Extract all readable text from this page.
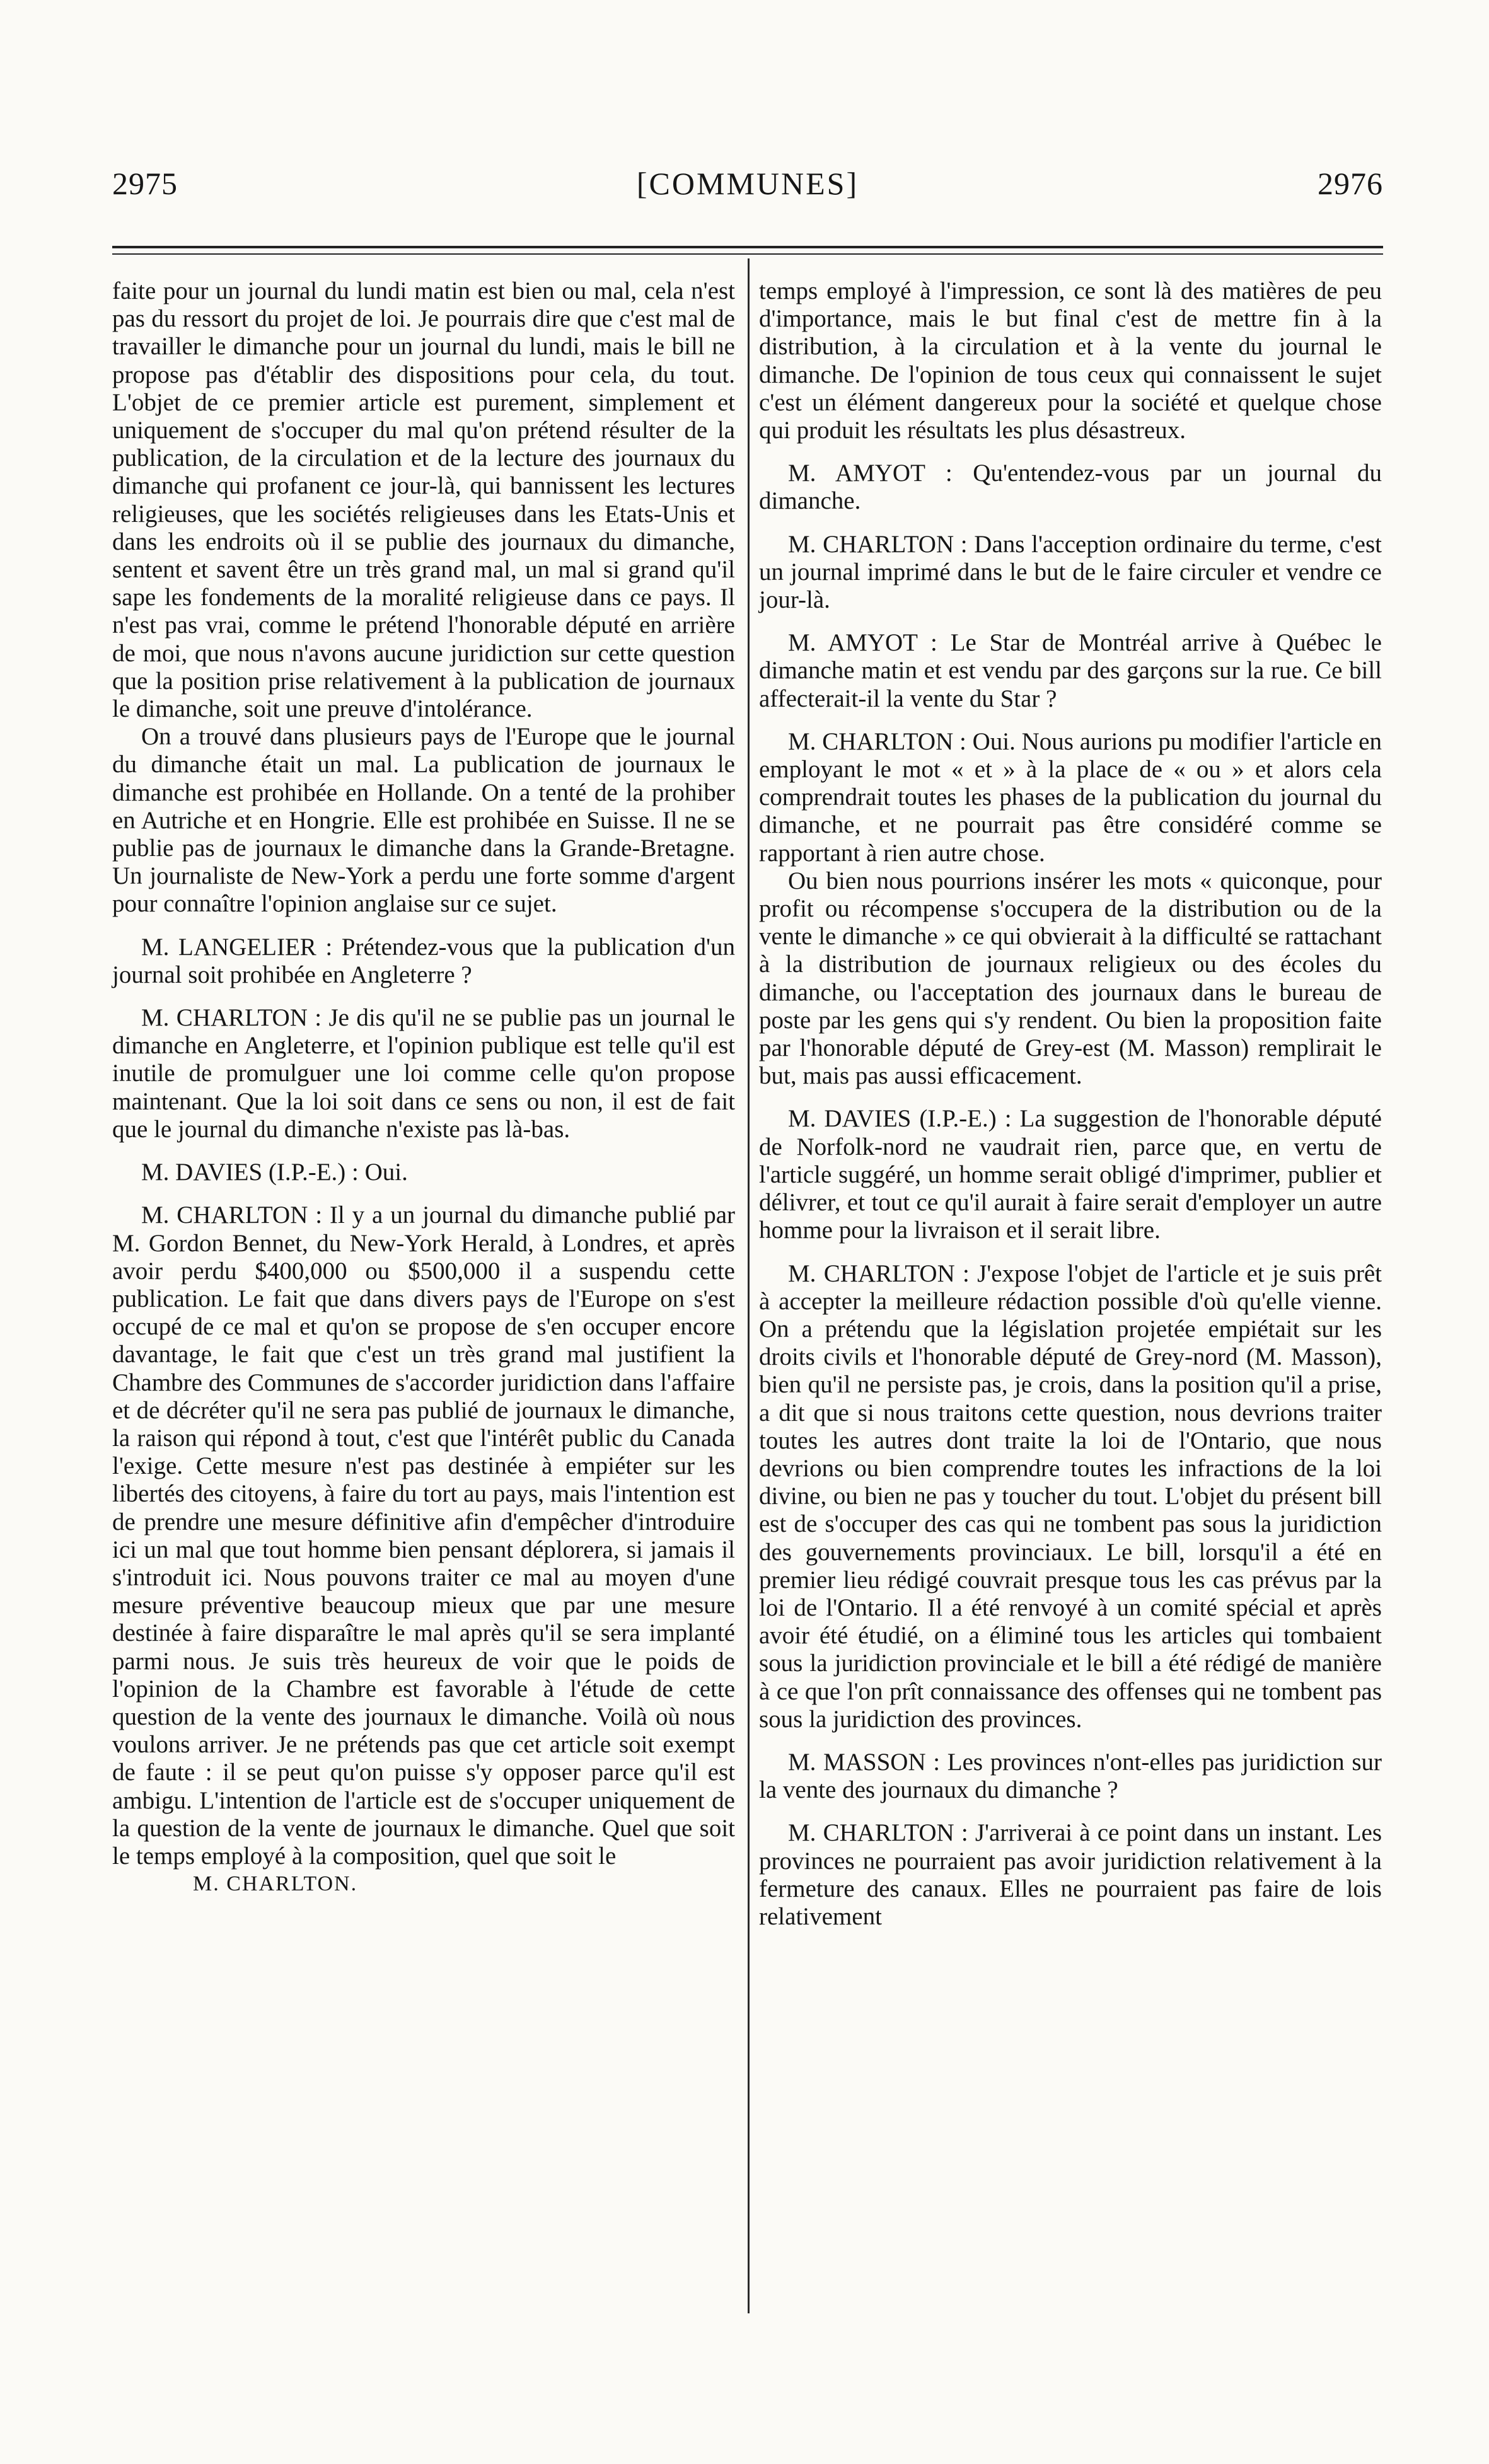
2975	[COMMUNES]	2976

faite pour un journal du lundi matin est bien ou mal, cela n'est pas du ressort du projet de loi. Je pourrais dire que c'est mal de travailler le dimanche pour un journal du lundi, mais le bill ne propose pas d'établir des dispositions pour cela, du tout. L'objet de ce premier article est purement, simplement et uniquement de s'occuper du mal qu'on prétend résulter de la publication, de la circulation et de la lecture des journaux du dimanche qui profanent ce jour-là, qui bannissent les lectures religieuses, que les sociétés religieuses dans les Etats-Unis et dans les endroits où il se publie des journaux du dimanche, sentent et savent être un très grand mal, un mal si grand qu'il sape les fondements de la moralité religieuse dans ce pays. Il n'est pas vrai, comme le prétend l'honorable député en arrière de moi, que nous n'avons aucune juridiction sur cette question que la position prise relativement à la publication de journaux le dimanche, soit une preuve d'intolérance.

On a trouvé dans plusieurs pays de l'Europe que le journal du dimanche était un mal. La publication de journaux le dimanche est prohibée en Hollande. On a tenté de la prohiber en Autriche et en Hongrie. Elle est prohibée en Suisse. Il ne se publie pas de journaux le dimanche dans la Grande-Bretagne. Un journaliste de New-York a perdu une forte somme d'argent pour connaître l'opinion anglaise sur ce sujet.

M. LANGELIER : Prétendez-vous que la publication d'un journal soit prohibée en Angleterre ?

M. CHARLTON : Je dis qu'il ne se publie pas un journal le dimanche en Angleterre, et l'opinion publique est telle qu'il est inutile de promulguer une loi comme celle qu'on propose maintenant. Que la loi soit dans ce sens ou non, il est de fait que le journal du dimanche n'existe pas là-bas.

M. DAVIES (I.P.-E.) : Oui.

M. CHARLTON : Il y a un journal du dimanche publié par M. Gordon Bennet, du New-York Herald, à Londres, et après avoir perdu $400,000 ou $500,000 il a suspendu cette publication. Le fait que dans divers pays de l'Europe on s'est occupé de ce mal et qu'on se propose de s'en occuper encore davantage, le fait que c'est un très grand mal justifient la Chambre des Communes de s'accorder juridiction dans l'affaire et de décréter qu'il ne sera pas publié de journaux le dimanche, la raison qui répond à tout, c'est que l'intérêt public du Canada l'exige. Cette mesure n'est pas destinée à empiéter sur les libertés des citoyens, à faire du tort au pays, mais l'intention est de prendre une mesure définitive afin d'empêcher d'introduire ici un mal que tout homme bien pensant déplorera, si jamais il s'introduit ici. Nous pouvons traiter ce mal au moyen d'une mesure préventive beaucoup mieux que par une mesure destinée à faire disparaître le mal après qu'il se sera implanté parmi nous. Je suis très heureux de voir que le poids de l'opinion de la Chambre est favorable à l'étude de cette question de la vente des journaux le dimanche. Voilà où nous voulons arriver. Je ne prétends pas que cet article soit exempt de faute : il se peut qu'on puisse s'y opposer parce qu'il est ambigu. L'intention de l'article est de s'occuper uniquement de la question de la vente de journaux le dimanche. Quel que soit le temps employé à la composition, quel que soit le

M. CHARLTON.

temps employé à l'impression, ce sont là des matières de peu d'importance, mais le but final c'est de mettre fin à la distribution, à la circulation et à la vente du journal le dimanche. De l'opinion de tous ceux qui connaissent le sujet c'est un élément dangereux pour la société et quelque chose qui produit les résultats les plus désastreux.

M. AMYOT : Qu'entendez-vous par un journal du dimanche.

M. CHARLTON : Dans l'acception ordinaire du terme, c'est un journal imprimé dans le but de le faire circuler et vendre ce jour-là.

M. AMYOT : Le Star de Montréal arrive à Québec le dimanche matin et est vendu par des garçons sur la rue. Ce bill affecterait-il la vente du Star ?

M. CHARLTON : Oui. Nous aurions pu modifier l'article en employant le mot « et » à la place de « ou » et alors cela comprendrait toutes les phases de la publication du journal du dimanche, et ne pourrait pas être considéré comme se rapportant à rien autre chose.

Ou bien nous pourrions insérer les mots « quiconque, pour profit ou récompense s'occupera de la distribution ou de la vente le dimanche » ce qui obvierait à la difficulté se rattachant à la distribution de journaux religieux ou des écoles du dimanche, ou l'acceptation des journaux dans le bureau de poste par les gens qui s'y rendent. Ou bien la proposition faite par l'honorable député de Grey-est (M. Masson) remplirait le but, mais pas aussi efficacement.

M. DAVIES (I.P.-E.) : La suggestion de l'honorable député de Norfolk-nord ne vaudrait rien, parce que, en vertu de l'article suggéré, un homme serait obligé d'imprimer, publier et délivrer, et tout ce qu'il aurait à faire serait d'employer un autre homme pour la livraison et il serait libre.

M. CHARLTON : J'expose l'objet de l'article et je suis prêt à accepter la meilleure rédaction possible d'où qu'elle vienne. On a prétendu que la législation projetée empiétait sur les droits civils et l'honorable député de Grey-nord (M. Masson), bien qu'il ne persiste pas, je crois, dans la position qu'il a prise, a dit que si nous traitons cette question, nous devrions traiter toutes les autres dont traite la loi de l'Ontario, que nous devrions ou bien comprendre toutes les infractions de la loi divine, ou bien ne pas y toucher du tout. L'objet du présent bill est de s'occuper des cas qui ne tombent pas sous la juridiction des gouvernements provinciaux. Le bill, lorsqu'il a été en premier lieu rédigé couvrait presque tous les cas prévus par la loi de l'Ontario. Il a été renvoyé à un comité spécial et après avoir été étudié, on a éliminé tous les articles qui tombaient sous la juridiction provinciale et le bill a été rédigé de manière à ce que l'on prît connaissance des offenses qui ne tombent pas sous la juridiction des provinces.

M. MASSON : Les provinces n'ont-elles pas juridiction sur la vente des journaux du dimanche ?

M. CHARLTON : J'arriverai à ce point dans un instant. Les provinces ne pourraient pas avoir juridiction relativement à la fermeture des canaux. Elles ne pourraient pas faire de lois relativement
